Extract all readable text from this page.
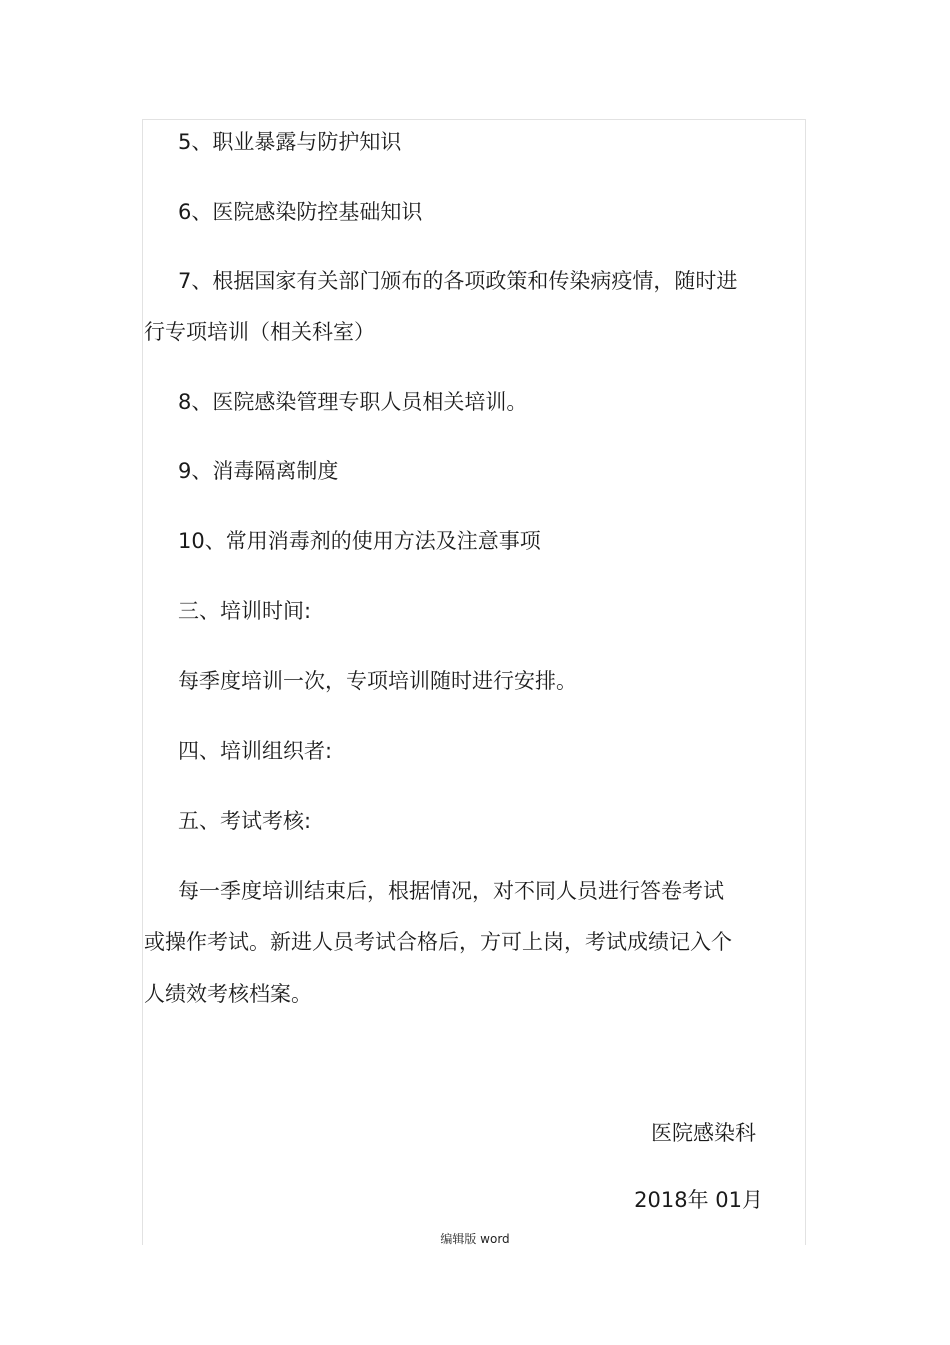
5、职业暴露与防护知识

6、医院感染防控基础知识

7、根据国家有关部门颁布的各项政策和传染病疫情，随时进

行专项培训（相关科室）

8、医院感染管理专职人员相关培训。

9、消毒隔离制度

10、常用消毒剂的使用方法及注意事项

三、培训时间:

每季度培训一次，专项培训随时进行安排。

四、培训组织者:

五、考试考核:

每一季度培训结束后，根据情况，对不同人员进行答卷考试

或操作考试。新进人员考试合格后，方可上岗，考试成绩记入个

人绩效考核档案。

医院感染科

2018年 01月

编辑版 word
